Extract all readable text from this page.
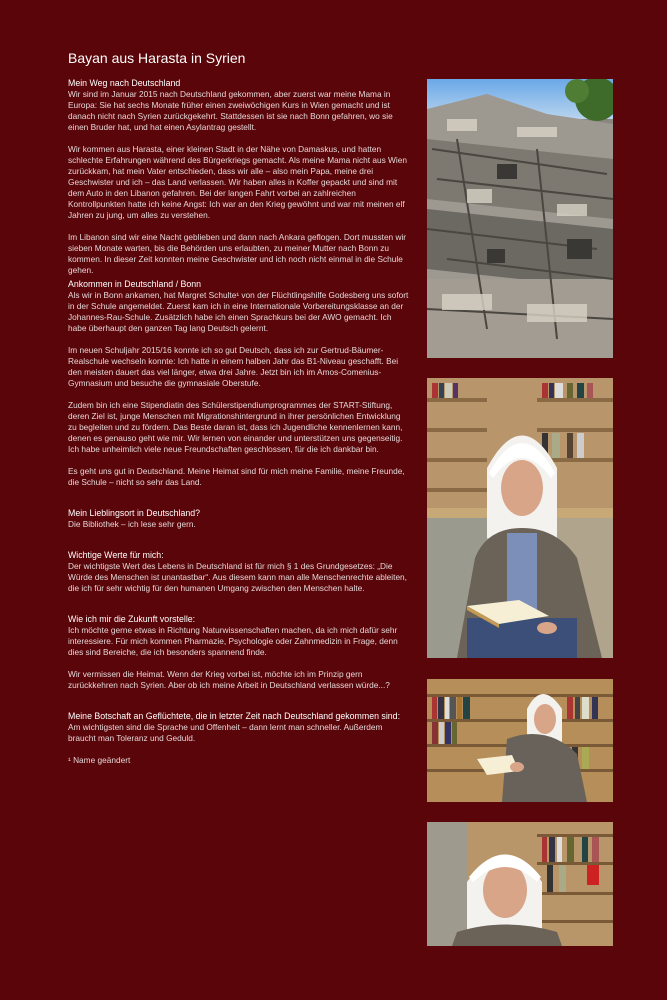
Bayan aus Harasta in Syrien
Mein Weg nach Deutschland

Wir sind im Januar 2015 nach Deutschland gekommen, aber zuerst war meine Mama in Europa: Sie hat sechs Monate früher einen zweiwöchigen Kurs in Wien gemacht und ist danach nicht nach Syrien zurückgekehrt. Stattdessen ist sie nach Bonn gefahren, wo sie einen Bruder hat, und hat einen Asylantrag gestellt.

Wir kommen aus Harasta, einer kleinen Stadt in der Nähe von Damaskus, und hatten schlechte Erfahrungen während des Bürgerkriegs gemacht. Als meine Mama nicht aus Wien zurückkam, hat mein Vater entschieden, dass wir alle – also mein Papa, meine drei Geschwister und ich – das Land verlassen. Wir haben alles in Koffer gepackt und sind mit dem Auto in den Libanon gefahren. Bei der langen Fahrt vorbei an zahlreichen Kontrollpunkten hatte ich keine Angst: Ich war an den Krieg gewöhnt und war mit meinen elf Jahren zu jung, um alles zu verstehen.

Im Libanon sind wir eine Nacht geblieben und dann nach Ankara geflogen. Dort mussten wir sieben Monate warten, bis die Behörden uns erlaubten, zu meiner Mutter nach Bonn zu kommen. In dieser Zeit konnten meine Geschwister und ich noch nicht einmal in die Schule gehen.

Ankommen in Deutschland / Bonn

Als wir in Bonn ankamen, hat Margret Schulte¹ von der Flüchtlingshilfe Godesberg uns sofort in der Schule angemeldet. Zuerst kam ich in eine Internationale Vorbereitungsklasse an der Johannes-Rau-Schule. Zusätzlich habe ich einen Sprachkurs bei der AWO gemacht. Ich habe überhaupt den ganzen Tag lang Deutsch gelernt.

Im neuen Schuljahr 2015/16 konnte ich so gut Deutsch, dass ich zur Gertrud-Bäumer-Realschule wechseln konnte: Ich hatte in einem halben Jahr das B1-Niveau geschafft. Bei den meisten dauert das viel länger, etwa drei Jahre. Jetzt bin ich im Amos-Comenius-Gymnasium und besuche die gymnasiale Oberstufe.

Zudem bin ich eine Stipendiatin des Schülerstipendiumprogrammes der START-Stiftung, deren Ziel ist, junge Menschen mit Migrationshintergrund in ihrer persönlichen Entwicklung zu begleiten und zu fördern. Das Beste daran ist, dass ich Jugendliche kennenlernen kann, denen es genauso geht wie mir. Wir lernen von einander und unterstützen uns gegenseitig. Ich habe unheimlich viele neue Freundschaften geschlossen, für die ich dankbar bin.

Es geht uns gut in Deutschland. Meine Heimat sind für mich meine Familie, meine Freunde, die Schule – nicht so sehr das Land.

Mein Lieblingsort in Deutschland?

Die Bibliothek – ich lese sehr gern.

Wichtige Werte für mich:

Der wichtigste Wert des Lebens in Deutschland ist für mich § 1 des Grundgesetzes: „Die Würde des Menschen ist unantastbar“. Aus diesem kann man alle Menschenrechte ableiten, die ich für sehr wichtig für den humanen Umgang zwischen den Menschen halte.

Wie ich mir die Zukunft vorstelle:

Ich möchte gerne etwas in Richtung Naturwissenschaften machen, da ich mich dafür sehr interessiere. Für mich kommen Pharmazie, Psychologie oder Zahnmedizin in Frage, denn dies sind Bereiche, die ich besonders spannend finde.

Wir vermissen die Heimat. Wenn der Krieg vorbei ist, möchte ich im Prinzip gern zurückkehren nach Syrien. Aber ob ich meine Arbeit in Deutschland verlassen würde...?

Meine Botschaft an Geflüchtete, die in letzter Zeit nach Deutschland gekommen sind:

Am wichtigsten sind die Sprache und Offenheit – dann lernt man schneller. Außerdem braucht man Toleranz und Geduld.

¹ Name geändert
